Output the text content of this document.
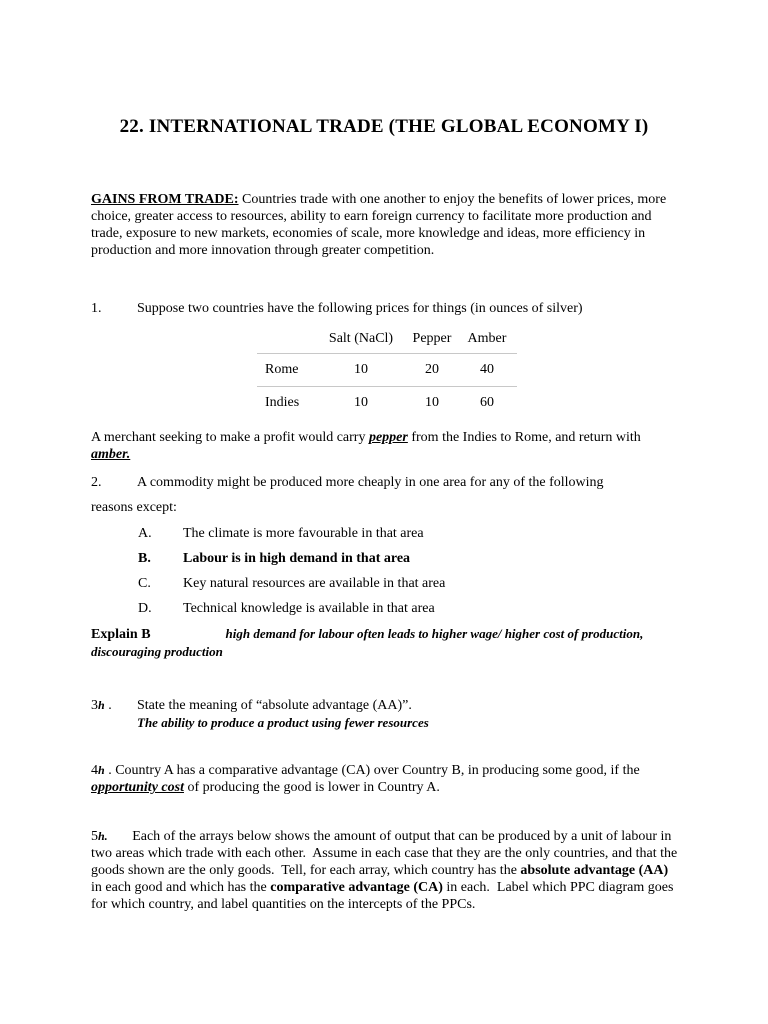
22. INTERNATIONAL TRADE (THE GLOBAL ECONOMY I)
GAINS FROM TRADE: Countries trade with one another to enjoy the benefits of lower prices, more choice, greater access to resources, ability to earn foreign currency to facilitate more production and trade, exposure to new markets, economies of scale, more knowledge and ideas, more efficiency in production and more innovation through greater competition.
1.	Suppose two countries have the following prices for things (in ounces of silver)
	Salt (NaCl)	Pepper	Amber
Rome	10	20	40
Indies	10	10	60
A merchant seeking to make a profit would carry pepper from the Indies to Rome, and return with amber.
2.	A commodity might be produced more cheaply in one area for any of the following
reasons except:
A. The climate is more favourable in that area
B. Labour is in high demand in that area
C. Key natural resources are available in that area
D. Technical knowledge is available in that area
Explain B	high demand for labour often leads to higher wage/ higher cost of production, discouraging production
3h . State the meaning of “absolute advantage (AA)”.
The ability to produce a product using fewer resources
4h . Country A has a comparative advantage (CA) over Country B, in producing some good, if the opportunity cost of producing the good is lower in Country A.
5h.       Each of the arrays below shows the amount of output that can be produced by a unit of labour in two areas which trade with each other.  Assume in each case that they are the only countries, and that the goods shown are the only goods.  Tell, for each array, which country has the absolute advantage (AA) in each good and which has the comparative advantage (CA) in each.  Label which PPC diagram goes for which country, and label quantities on the intercepts of the PPCs.
